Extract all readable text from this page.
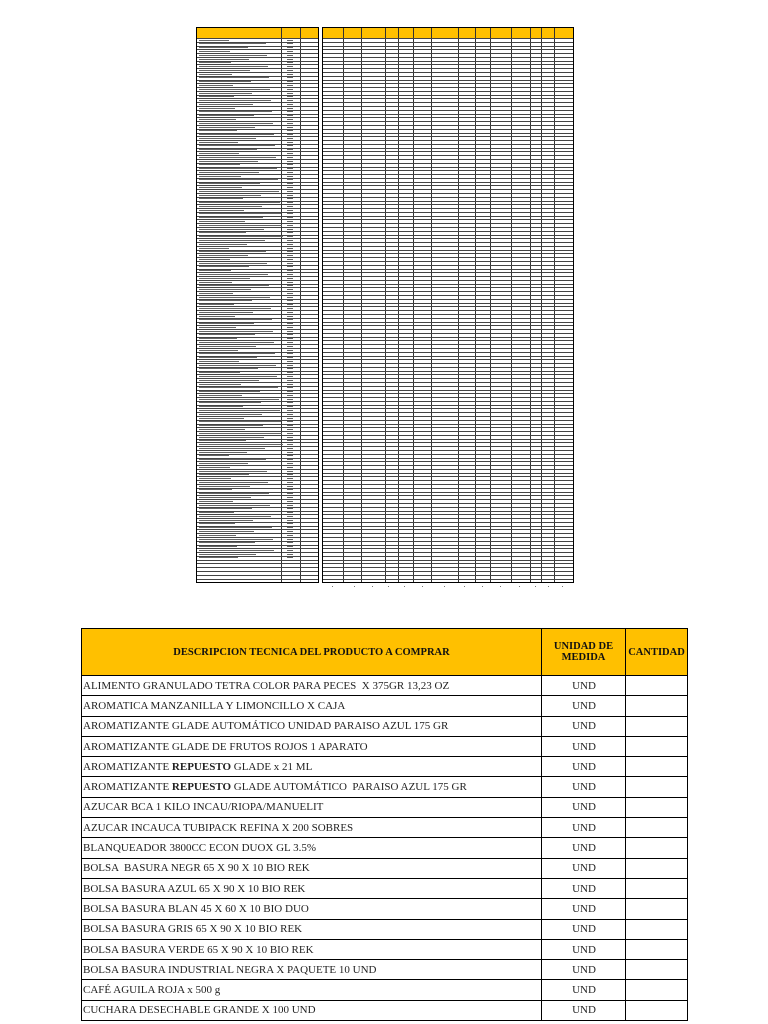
DESCRIPCION TECNICA DEL PRODUCTO A COMPRAR	UNIDAD DE MEDIDA	CANTIDAD
ALIMENTO GRANULADO TETRA COLOR PARA PECES  X 375GR 13,23 OZ	UND	
AROMATICA MANZANILLA Y LIMONCILLO X CAJA	UND	
AROMATIZANTE GLADE AUTOMÁTICO UNIDAD PARAISO AZUL 175 GR	UND	
AROMATIZANTE GLADE DE FRUTOS ROJOS 1 APARATO	UND	
AROMATIZANTE REPUESTO GLADE x 21 ML	UND	
AROMATIZANTE REPUESTO GLADE AUTOMÁTICO  PARAISO AZUL 175 GR	UND	
AZUCAR BCA 1 KILO INCAU/RIOPA/MANUELIT	UND	
AZUCAR INCAUCA TUBIPACK REFINA X 200 SOBRES	UND	
BLANQUEADOR 3800CC ECON DUOX GL 3.5%	UND	
BOLSA  BASURA NEGR 65 X 90 X 10 BIO REK	UND	
BOLSA BASURA AZUL 65 X 90 X 10 BIO REK	UND	
BOLSA BASURA BLAN 45 X 60 X 10 BIO DUO	UND	
BOLSA BASURA GRIS 65 X 90 X 10 BIO REK	UND	
BOLSA BASURA VERDE 65 X 90 X 10 BIO REK	UND	
BOLSA BASURA INDUSTRIAL NEGRA X PAQUETE 10 UND	UND	
CAFÉ AGUILA ROJA x 500 g	UND	
CUCHARA DESECHABLE GRANDE X 100 UND	UND	
